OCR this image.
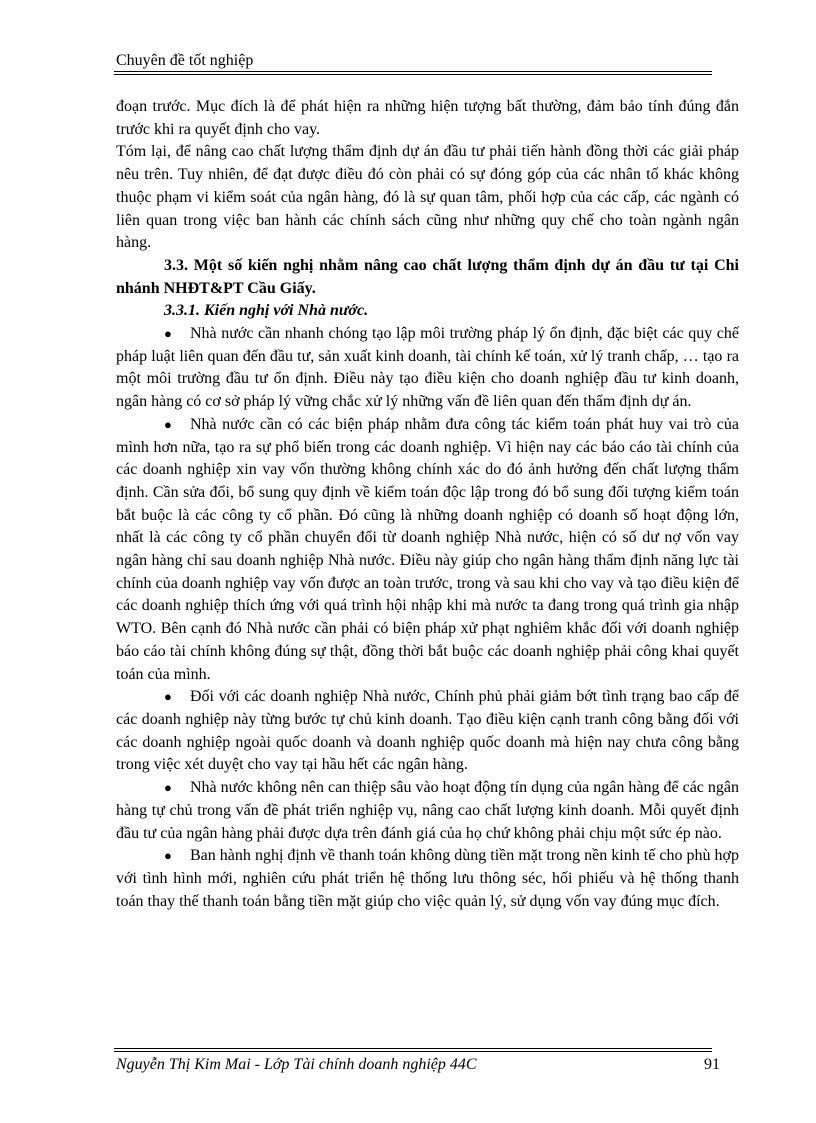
Chuyên đề tốt nghiệp

đoạn trước. Mục đích là để phát hiện ra những hiện tượng bất thường, đảm bảo tính đúng đắn trước khi ra quyết định cho vay.

Tóm lại, để nâng cao chất lượng thẩm định dự án đầu tư phải tiến hành đồng thời các giải pháp nêu trên. Tuy nhiên, để đạt được điều đó còn phải có sự đóng góp của các nhân tố khác không thuộc phạm vi kiểm soát của ngân hàng, đó là sự quan tâm, phối hợp của các cấp, các ngành có liên quan trong việc ban hành các chính sách cũng như những quy chế cho toàn ngành ngân hàng.

3.3. Một số kiến nghị nhằm nâng cao chất lượng thẩm định dự án đầu tư tại Chi nhánh NHĐT&PT Cầu Giấy.

3.3.1. Kiến nghị với Nhà nước.

● Nhà nước cần nhanh chóng tạo lập môi trường pháp lý ổn định, đặc biệt các quy chế pháp luật liên quan đến đầu tư, sản xuất kinh doanh, tài chính kế toán, xử lý tranh chấp, … tạo ra một môi trường đầu tư ổn định. Điều này tạo điều kiện cho doanh nghiệp đầu tư kinh doanh, ngân hàng có cơ sở pháp lý vững chắc xử lý những vấn đề liên quan đến thẩm định dự án.

● Nhà nước cần có các biện pháp nhằm đưa công tác kiểm toán phát huy vai trò của mình hơn nữa, tạo ra sự phổ biến trong các doanh nghiệp. Vì hiện nay các báo cáo tài chính của các doanh nghiệp xin vay vốn thường không chính xác do đó ảnh hưởng đến chất lượng thẩm định. Cần sửa đổi, bổ sung quy định về kiểm toán độc lập trong đó bổ sung đối tượng kiểm toán bắt buộc là các công ty cổ phần. Đó cũng là những doanh nghiệp có doanh số hoạt động lớn, nhất là các công ty cổ phần chuyển đổi từ doanh nghiệp Nhà nước, hiện có số dư nợ vốn vay ngân hàng chỉ sau doanh nghiệp Nhà nước. Điều này giúp cho ngân hàng thẩm định năng lực tài chính của doanh nghiệp vay vốn được an toàn trước, trong và sau khi cho vay và tạo điều kiện để các doanh nghiệp thích ứng với quá trình hội nhập khi mà nước ta đang trong quá trình gia nhập WTO. Bên cạnh đó Nhà nước cần phải có biện pháp xử phạt nghiêm khắc đối với doanh nghiệp báo cáo tài chính không đúng sự thật, đồng thời bắt buộc các doanh nghiệp phải công khai quyết toán của mình.

● Đối với các doanh nghiệp Nhà nước, Chính phủ phải giảm bớt tình trạng bao cấp để các doanh nghiệp này từng bước tự chủ kinh doanh. Tạo điều kiện cạnh tranh công bằng đối với các doanh nghiệp ngoài quốc doanh và doanh nghiệp quốc doanh mà hiện nay chưa công bằng trong việc xét duyệt cho vay tại hầu hết các ngân hàng.

● Nhà nước không nên can thiệp sâu vào hoạt động tín dụng của ngân hàng để các ngân hàng tự chủ trong vấn đề phát triển nghiệp vụ, nâng cao chất lượng kinh doanh. Mỗi quyết định đầu tư của ngân hàng phải được dựa trên đánh giá của họ chứ không phải chịu một sức ép nào.

● Ban hành nghị định về thanh toán không dùng tiền mặt trong nền kinh tế cho phù hợp với tình hình mới, nghiên cứu phát triển hệ thống lưu thông séc, hối phiếu và hệ thống thanh toán thay thế thanh toán bằng tiền mặt giúp cho việc quản lý, sử dụng vốn vay đúng mục đích.

Nguyễn Thị Kim Mai - Lớp Tài chính doanh nghiệp 44C	91
